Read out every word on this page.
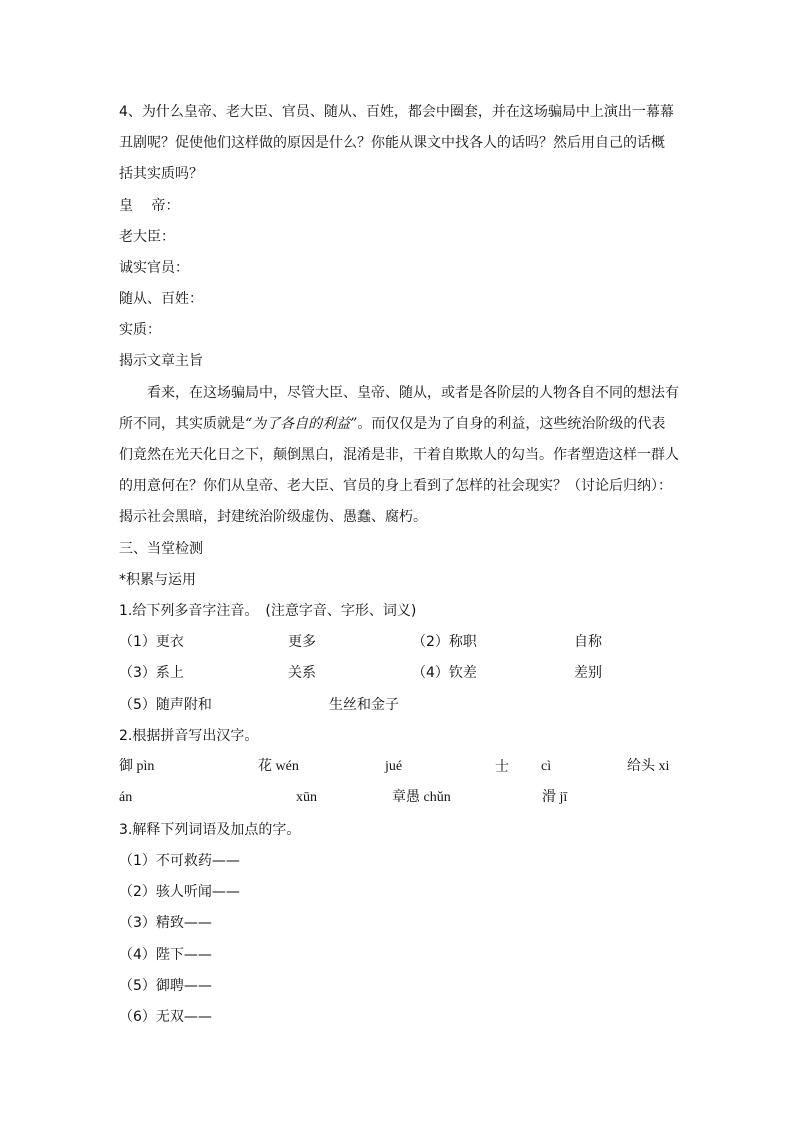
4、为什么皇帝、老大臣、官员、随从、百姓，都会中圈套，并在这场骗局中上演出一幕幕
丑剧呢？促使他们这样做的原因是什么？你能从课文中找各人的话吗？然后用自己的话概
括其实质吗？
皇　 帝：
老大臣：
诚实官员：
随从、百姓：
实质：
揭示文章主旨
看来，在这场骗局中，尽管大臣、皇帝、随从，或者是各阶层的人物各自不同的想法有
所不同，其实质就是“为了各自的利益”。而仅仅是为了自身的利益，这些统治阶级的代表
们竟然在光天化日之下，颠倒黑白，混淆是非，干着自欺欺人的勾当。作者塑造这样一群人
的用意何在？你们从皇帝、老大臣、官员的身上看到了怎样的社会现实？（讨论后归纳）：
揭示社会黑暗，封建统治阶级虚伪、愚蠢、腐朽。
三、当堂检测
*积累与运用
1.给下列多音字注音。　(注意字音、字形、词义)
（1）更衣	更多	（2）称职	自称
（3）系上	关系	（4）钦差	差别
（5）随声附和	生丝和金子
2.根据拼音写出汉字。
御 pìn	花 wén	jué	士 cì	给头 xi
án	xūn	章愚 chǔn	滑 jī
3.解释下列词语及加点的字。
（1）不可救药——
（2）骇人听闻——
（3）精致——
（4）陛下——
（5）御聘——
（6）无双——
